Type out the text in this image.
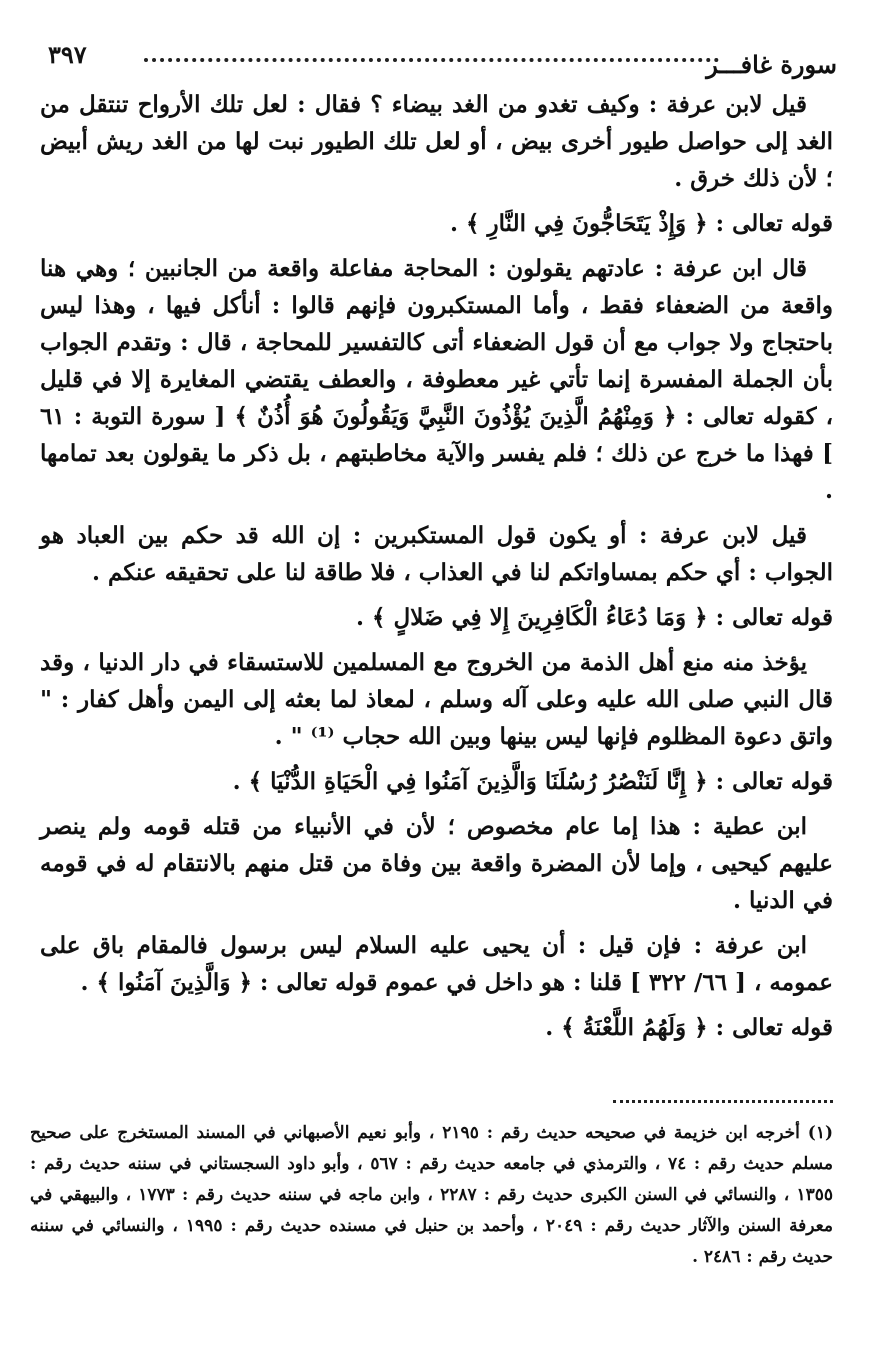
٣٩٧	سورة غافـــر

قيل لابن عرفة : وكيف تغدو من الغد بيضاء ؟ فقال : لعل تلك الأرواح تنتقل من الغد إلى حواصل طيور أخرى بيض ، أو لعل تلك الطيور نبت لها من الغد ريش أبيض ؛ لأن ذلك خرق .

قوله تعالى : ﴿ وَإِذْ يَتَحَاجُّونَ فِي النَّارِ ﴾ .

قال ابن عرفة : عادتهم يقولون : المحاجة مفاعلة واقعة من الجانبين ؛ وهي هنا واقعة من الضعفاء فقط ، وأما المستكبرون فإنهم قالوا : أنأكل فيها ، وهذا ليس باحتجاج ولا جواب مع أن قول الضعفاء أتى كالتفسير للمحاجة ، قال : وتقدم الجواب بأن الجملة المفسرة إنما تأتي غير معطوفة ، والعطف يقتضي المغايرة إلا في قليل ، كقوله تعالى : ﴿ وَمِنْهُمُ الَّذِينَ يُؤْذُونَ النَّبِيَّ وَيَقُولُونَ هُوَ أُذُنٌ ﴾ [ سورة التوبة : ٦١ ] فهذا ما خرج عن ذلك ؛ فلم يفسر والآية مخاطبتهم ، بل ذكر ما يقولون بعد تمامها .

قيل لابن عرفة : أو يكون قول المستكبرين : إن الله قد حكم بين العباد هو الجواب : أي حكم بمساواتكم لنا في العذاب ، فلا طاقة لنا على تحقيقه عنكم .

قوله تعالى : ﴿ وَمَا دُعَاءُ الْكَافِرِينَ إِلا فِي ضَلالٍ ﴾ .

يؤخذ منه منع أهل الذمة من الخروج مع المسلمين للاستسقاء في دار الدنيا ، وقد قال النبي صلى الله عليه وعلى آله وسلم ، لمعاذ لما بعثه إلى اليمن وأهل كفار : " واتق دعوة المظلوم فإنها ليس بينها وبين الله حجاب ⁽¹⁾ " .

قوله تعالى : ﴿ إِنَّا لَنَنْصُرُ رُسُلَنَا وَالَّذِينَ آمَنُوا فِي الْحَيَاةِ الدُّنْيَا ﴾ .

ابن عطية : هذا إما عام مخصوص ؛ لأن في الأنبياء من قتله قومه ولم ينصر عليهم كيحيى ، وإما لأن المضرة واقعة بين وفاة من قتل منهم بالانتقام له في قومه في الدنيا .

ابن عرفة : فإن قيل : أن يحيى عليه السلام ليس برسول فالمقام باق على عمومه ، [ ٦٦/ ٣٢٢ ] قلنا : هو داخل في عموم قوله تعالى : ﴿ وَالَّذِينَ آمَنُوا ﴾ .

قوله تعالى : ﴿ وَلَهُمُ اللَّعْنَةُ ﴾ .

(١) أخرجه ابن خزيمة في صحيحه حديث رقم : ٢١٩٥ ، وأبو نعيم الأصبهاني في المسند المستخرج على صحيح مسلم حديث رقم : ٧٤ ، والترمذي في جامعه حديث رقم : ٥٦٧ ، وأبو داود السجستاني في سننه حديث رقم : ١٣٥٥ ، والنسائي في السنن الكبرى حديث رقم : ٢٢٨٧ ، وابن ماجه في سننه حديث رقم : ١٧٧٣ ، والبيهقي في معرفة السنن والآثار حديث رقم : ٢٠٤٩ ، وأحمد بن حنبل في مسنده حديث رقم : ١٩٩٥ ، والنسائي في سننه حديث رقم : ٢٤٨٦ .
